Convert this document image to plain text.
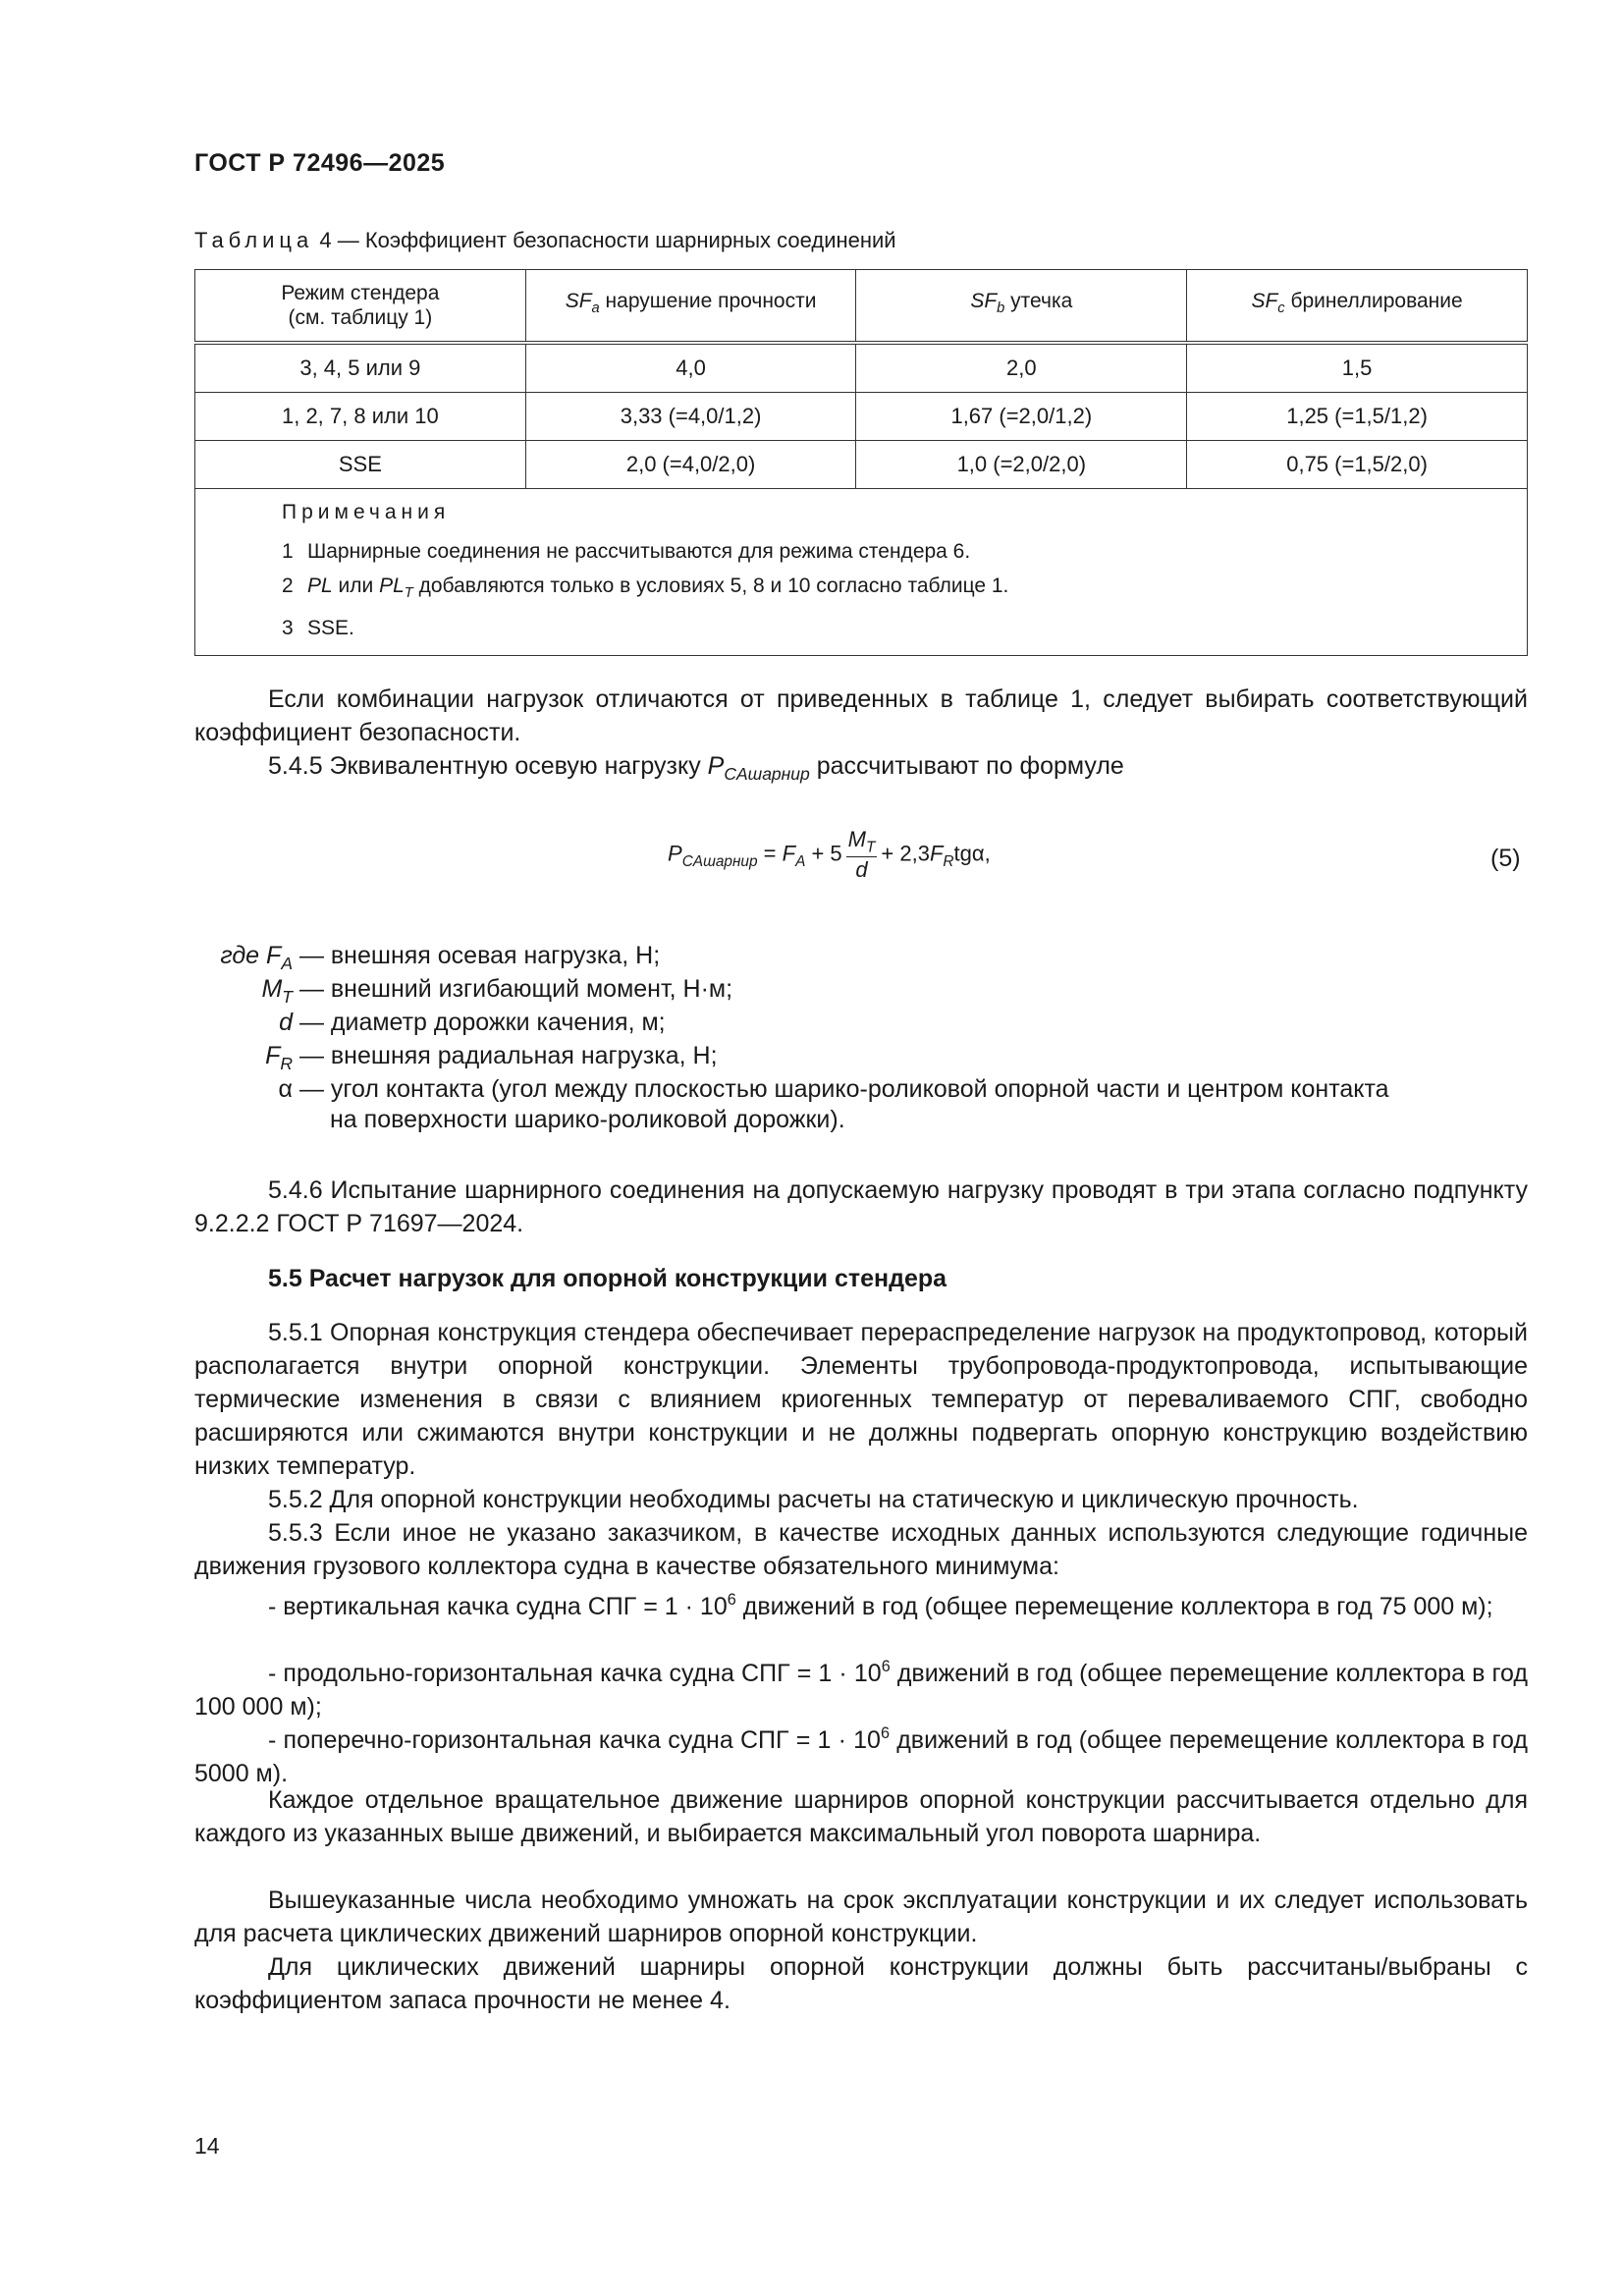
ГОСТ Р 72496—2025
Таблица 4 — Коэффициент безопасности шарнирных соединений
Режим стендера
(см. таблицу 1)	$SF_a$ нарушение прочности	$SF_b$ утечка	$SF_c$ бринеллирование
3, 4, 5 или 9	4,0	2,0	1,5
1, 2, 7, 8 или 10	3,33 (=4,0/1,2)	1,67 (=2,0/1,2)	1,25 (=1,5/1,2)
SSE	2,0 (=4,0/2,0)	1,0 (=2,0/2,0)	0,75 (=1,5/2,0)

Примечания
1 Шарнирные соединения не рассчитываются для режима стендера 6.
2 PL или $PL_T$ добавляются только в условиях 5, 8 и 10 согласно таблице 1.
3 SSE.			
Если комбинации нагрузок отличаются от приведенных в таблице 1, следует выбирать соответствующий коэффициент безопасности.
5.4.5 Эквивалентную осевую нагрузку $P_{CAшарнир}$ рассчитывают по формуле
$P_{CAшарнир} = F_A + 5 \frac{M_T}{d} + 2,3F_Rtg\alpha$,	(5)
где $F_A$ — внешняя осевая нагрузка, Н;
$M_T$ — внешний изгибающий момент, Н·м;
d — диаметр дорожки качения, м;
$F_R$ — внешняя радиальная нагрузка, Н;
α — угол контакта (угол между плоскостью шарико-роликовой опорной части и центром контакта
на поверхности шарико-роликовой дорожки).
5.4.6 Испытание шарнирного соединения на допускаемую нагрузку проводят в три этапа согласно подпункту 9.2.2.2 ГОСТ Р 71697—2024.
5.5 Расчет нагрузок для опорной конструкции стендера
5.5.1 Опорная конструкция стендера обеспечивает перераспределение нагрузок на продуктопровод, который располагается внутри опорной конструкции. Элементы трубопровода-продуктопровода, испытывающие термические изменения в связи с влиянием криогенных температур от переваливаемого СПГ, свободно расширяются или сжимаются внутри конструкции и не должны подвергать опорную конструкцию воздействию низких температур.
5.5.2 Для опорной конструкции необходимы расчеты на статическую и циклическую прочность.
5.5.3 Если иное не указано заказчиком, в качестве исходных данных используются следующие годичные движения грузового коллектора судна в качестве обязательного минимума:
- вертикальная качка судна СПГ = $1 \cdot 10^6$ движений в год (общее перемещение коллектора в год 75 000 м);
- продольно-горизонтальная качка судна СПГ = $1 \cdot 10^6$ движений в год (общее перемещение коллектора в год 100 000 м);
- поперечно-горизонтальная качка судна СПГ = $1 \cdot 10^6$ движений в год (общее перемещение коллектора в год 5000 м).
Каждое отдельное вращательное движение шарниров опорной конструкции рассчитывается отдельно для каждого из указанных выше движений, и выбирается максимальный угол поворота шарнира.
Вышеуказанные числа необходимо умножать на срок эксплуатации конструкции и их следует использовать для расчета циклических движений шарниров опорной конструкции.
Для циклических движений шарниры опорной конструкции должны быть рассчитаны/выбраны с коэффициентом запаса прочности не менее 4.
14
